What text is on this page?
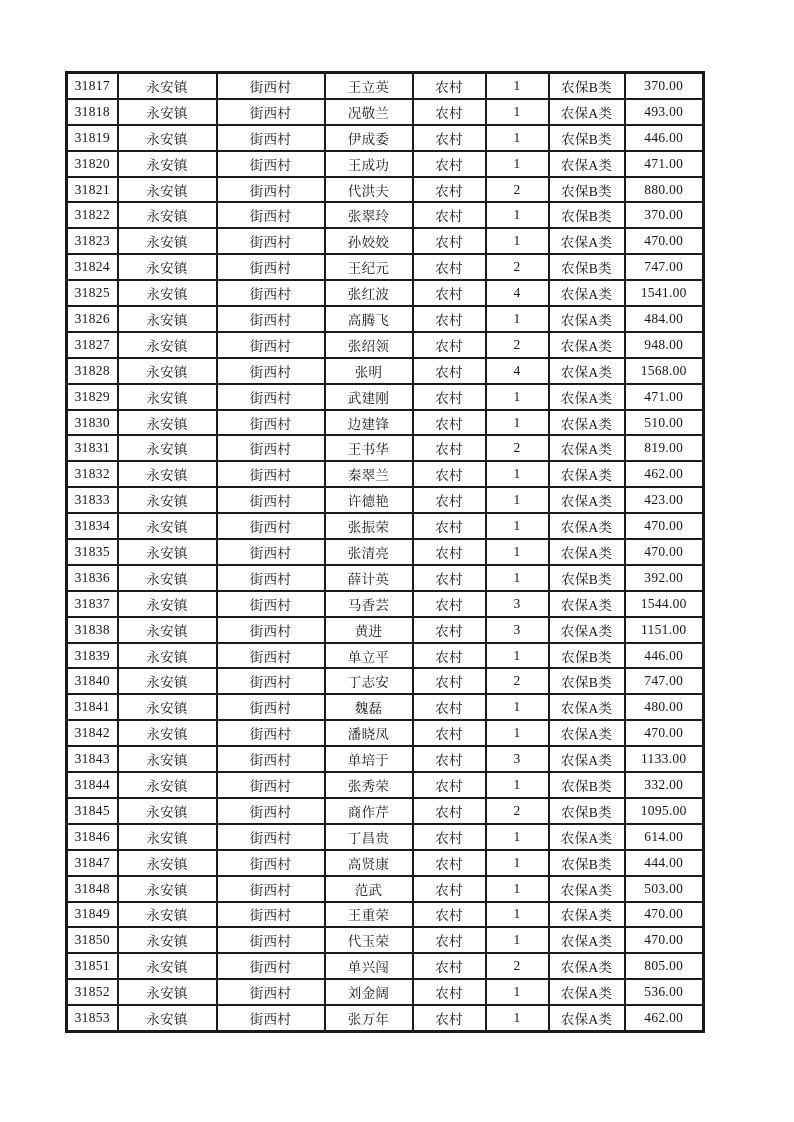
31817	永安镇	街西村	王立英	农村	1	农保B类	370.00
31818	永安镇	街西村	况敬兰	农村	1	农保A类	493.00
31819	永安镇	街西村	伊成委	农村	1	农保B类	446.00
31820	永安镇	街西村	王成功	农村	1	农保A类	471.00
31821	永安镇	街西村	代洪夫	农村	2	农保B类	880.00
31822	永安镇	街西村	张翠玲	农村	1	农保B类	370.00
31823	永安镇	街西村	孙姣姣	农村	1	农保A类	470.00
31824	永安镇	街西村	王纪元	农村	2	农保B类	747.00
31825	永安镇	街西村	张红波	农村	4	农保A类	1541.00
31826	永安镇	街西村	高腾飞	农村	1	农保A类	484.00
31827	永安镇	街西村	张绍领	农村	2	农保A类	948.00
31828	永安镇	街西村	张明	农村	4	农保A类	1568.00
31829	永安镇	街西村	武建刚	农村	1	农保A类	471.00
31830	永安镇	街西村	边建锋	农村	1	农保A类	510.00
31831	永安镇	街西村	王书华	农村	2	农保A类	819.00
31832	永安镇	街西村	秦翠兰	农村	1	农保A类	462.00
31833	永安镇	街西村	许德艳	农村	1	农保A类	423.00
31834	永安镇	街西村	张振荣	农村	1	农保A类	470.00
31835	永安镇	街西村	张清亮	农村	1	农保A类	470.00
31836	永安镇	街西村	薛计英	农村	1	农保B类	392.00
31837	永安镇	街西村	马香芸	农村	3	农保A类	1544.00
31838	永安镇	街西村	黄进	农村	3	农保A类	1151.00
31839	永安镇	街西村	单立平	农村	1	农保B类	446.00
31840	永安镇	街西村	丁志安	农村	2	农保B类	747.00
31841	永安镇	街西村	魏磊	农村	1	农保A类	480.00
31842	永安镇	街西村	潘晓凤	农村	1	农保A类	470.00
31843	永安镇	街西村	单培于	农村	3	农保A类	1133.00
31844	永安镇	街西村	张秀荣	农村	1	农保B类	332.00
31845	永安镇	街西村	商作芹	农村	2	农保B类	1095.00
31846	永安镇	街西村	丁昌贵	农村	1	农保A类	614.00
31847	永安镇	街西村	高贤康	农村	1	农保B类	444.00
31848	永安镇	街西村	范武	农村	1	农保A类	503.00
31849	永安镇	街西村	王重荣	农村	1	农保A类	470.00
31850	永安镇	街西村	代玉荣	农村	1	农保A类	470.00
31851	永安镇	街西村	单兴闯	农村	2	农保A类	805.00
31852	永安镇	街西村	刘金阔	农村	1	农保A类	536.00
31853	永安镇	街西村	张万年	农村	1	农保A类	462.00
